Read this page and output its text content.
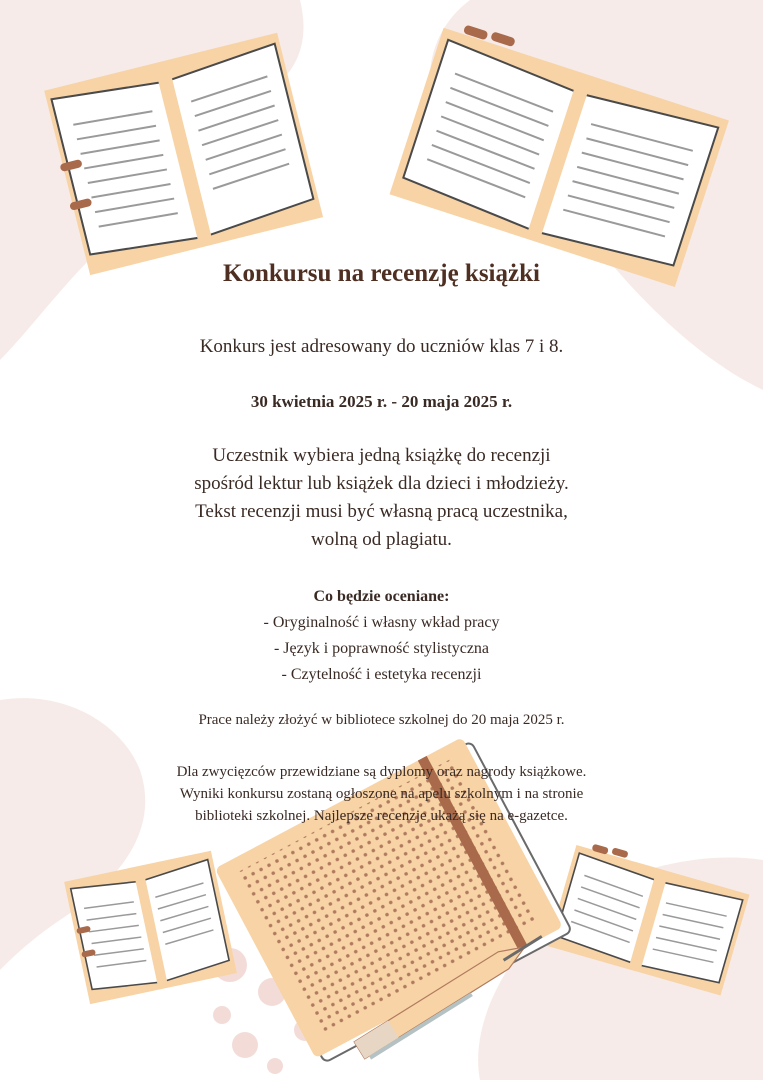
Konkursu na recenzję książki
Konkurs jest adresowany do uczniów klas 7 i 8.
30 kwietnia 2025 r. - 20 maja 2025 r.
Uczestnik wybiera jedną książkę do recenzji
spośród lektur lub książek dla dzieci i młodzieży.
Tekst recenzji musi być własną pracą uczestnika,
wolną od plagiatu.
Co będzie oceniane:
- Oryginalność i własny wkład pracy
- Język i poprawność stylistyczna
- Czytelność i estetyka recenzji
Prace należy złożyć w bibliotece szkolnej do 20 maja 2025 r.
Dla zwycięzców przewidziane są dyplomy oraz nagrody książkowe.
Wyniki konkursu zostaną ogłoszone na apelu szkolnym i na stronie
biblioteki szkolnej. Najlepsze recenzje ukażą się na e-gazetce.
